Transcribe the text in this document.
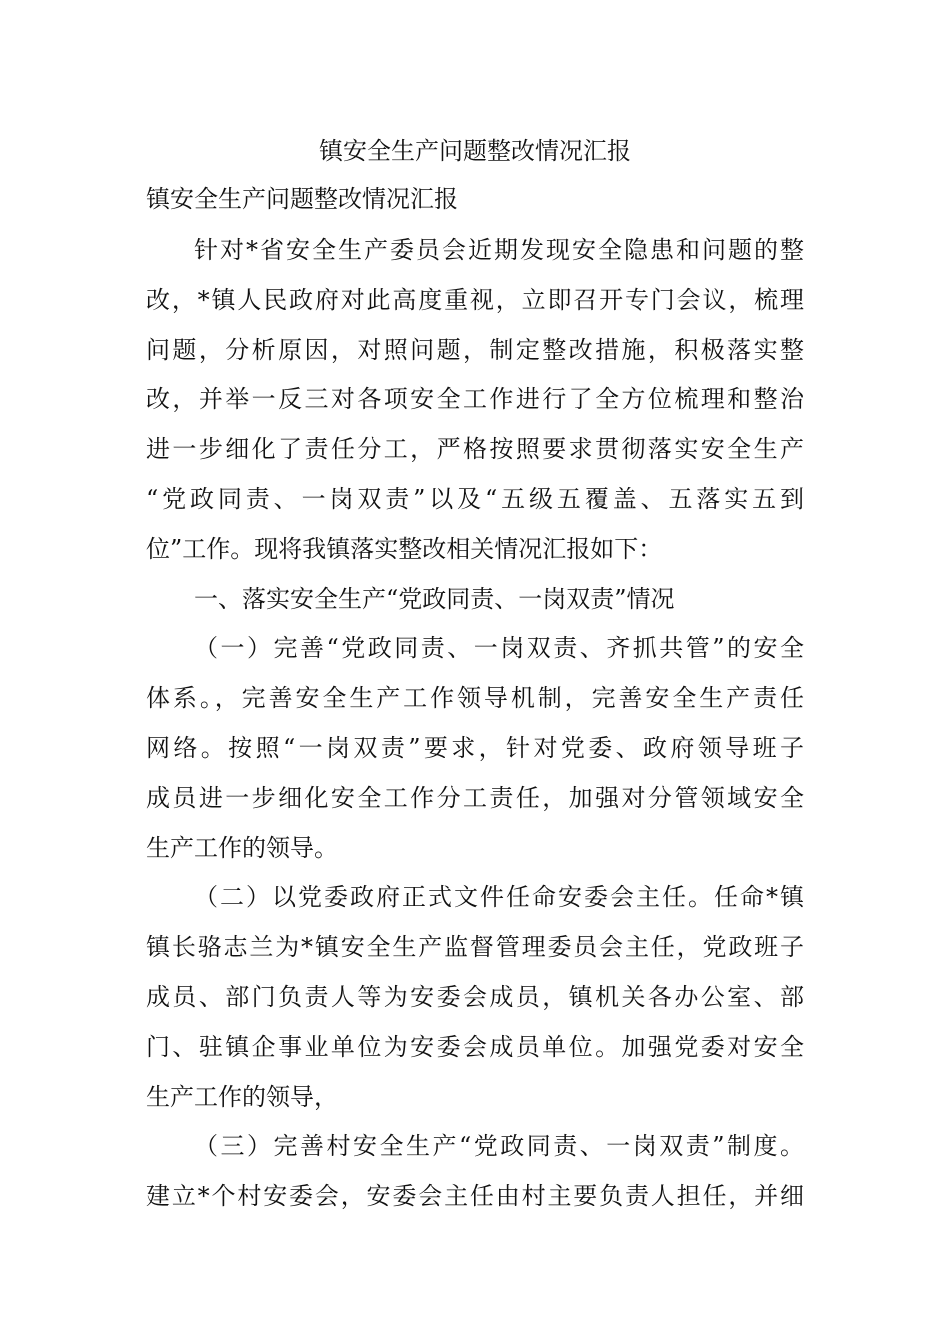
镇安全生产问题整改情况汇报
镇安全生产问题整改情况汇报
针对*省安全生产委员会近期发现安全隐患和问题的整
改，*镇人民政府对此高度重视，立即召开专门会议，梳理
问题，分析原因，对照问题，制定整改措施，积极落实整
改，并举一反三对各项安全工作进行了全方位梳理和整治
进一步细化了责任分工，严格按照要求贯彻落实安全生产
“党政同责、一岗双责”以及“五级五覆盖、五落实五到
位”工作。现将我镇落实整改相关情况汇报如下：
一、落实安全生产“党政同责、一岗双责”情况
（一）完善“党政同责、一岗双责、齐抓共管”的安全
体系。，完善安全生产工作领导机制，完善安全生产责任
网络。按照“一岗双责”要求，针对党委、政府领导班子
成员进一步细化安全工作分工责任，加强对分管领域安全
生产工作的领导。
（二）以党委政府正式文件任命安委会主任。任命*镇
镇长骆志兰为*镇安全生产监督管理委员会主任，党政班子
成员、部门负责人等为安委会成员，镇机关各办公室、部
门、驻镇企事业单位为安委会成员单位。加强党委对安全
生产工作的领导，
（三）完善村安全生产“党政同责、一岗双责”制度。
建立*个村安委会，安委会主任由村主要负责人担任，并细
